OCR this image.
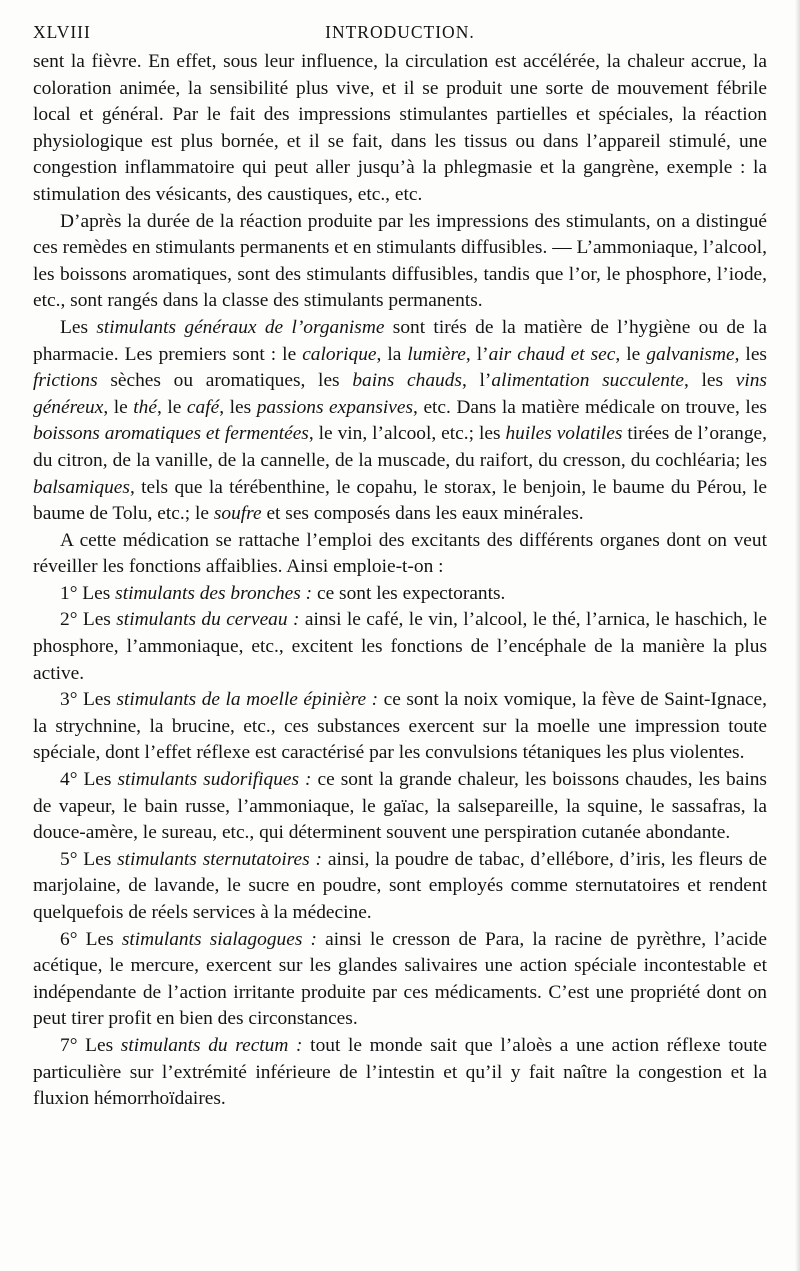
XLVIII	INTRODUCTION.

sent la fièvre. En effet, sous leur influence, la circulation est accélérée, la chaleur accrue, la coloration animée, la sensibilité plus vive, et il se produit une sorte de mouvement fébrile local et général. Par le fait des impressions stimulantes partielles et spéciales, la réaction physiologique est plus bornée, et il se fait, dans les tissus ou dans l’appareil stimulé, une congestion inflammatoire qui peut aller jusqu’à la phlegmasie et la gangrène, exemple : la stimulation des vésicants, des caustiques, etc., etc.

D’après la durée de la réaction produite par les impressions des stimulants, on a distingué ces remèdes en stimulants permanents et en stimulants diffusibles. — L’ammoniaque, l’alcool, les boissons aromatiques, sont des stimulants diffusibles, tandis que l’or, le phosphore, l’iode, etc., sont rangés dans la classe des stimulants permanents.

Les stimulants généraux de l’organisme sont tirés de la matière de l’hygiène ou de la pharmacie. Les premiers sont : le calorique, la lumière, l’air chaud et sec, le galvanisme, les frictions sèches ou aromatiques, les bains chauds, l’alimentation succulente, les vins généreux, le thé, le café, les passions expansives, etc. Dans la matière médicale on trouve, les boissons aromatiques et fermentées, le vin, l’alcool, etc.; les huiles volatiles tirées de l’orange, du citron, de la vanille, de la cannelle, de la muscade, du raifort, du cresson, du cochléaria; les balsamiques, tels que la térébenthine, le copahu, le storax, le benjoin, le baume du Pérou, le baume de Tolu, etc.; le soufre et ses composés dans les eaux minérales.

A cette médication se rattache l’emploi des excitants des différents organes dont on veut réveiller les fonctions affaiblies. Ainsi emploie-t-on :

1° Les stimulants des bronches : ce sont les expectorants.

2° Les stimulants du cerveau : ainsi le café, le vin, l’alcool, le thé, l’arnica, le haschich, le phosphore, l’ammoniaque, etc., excitent les fonctions de l’encéphale de la manière la plus active.

3° Les stimulants de la moelle épinière : ce sont la noix vomique, la fève de Saint-Ignace, la strychnine, la brucine, etc., ces substances exercent sur la moelle une impression toute spéciale, dont l’effet réflexe est caractérisé par les convulsions tétaniques les plus violentes.

4° Les stimulants sudorifiques : ce sont la grande chaleur, les boissons chaudes, les bains de vapeur, le bain russe, l’ammoniaque, le gaïac, la salsepareille, la squine, le sassafras, la douce-amère, le sureau, etc., qui déterminent souvent une perspiration cutanée abondante.

5° Les stimulants sternutatoires : ainsi, la poudre de tabac, d’ellébore, d’iris, les fleurs de marjolaine, de lavande, le sucre en poudre, sont employés comme sternutatoires et rendent quelquefois de réels services à la médecine.

6° Les stimulants sialagogues : ainsi le cresson de Para, la racine de pyrèthre, l’acide acétique, le mercure, exercent sur les glandes salivaires une action spéciale incontestable et indépendante de l’action irritante produite par ces médicaments. C’est une propriété dont on peut tirer profit en bien des circonstances.

7° Les stimulants du rectum : tout le monde sait que l’aloès a une action réflexe toute particulière sur l’extrémité inférieure de l’intestin et qu’il y fait naître la congestion et la fluxion hémorrhoïdaires.
